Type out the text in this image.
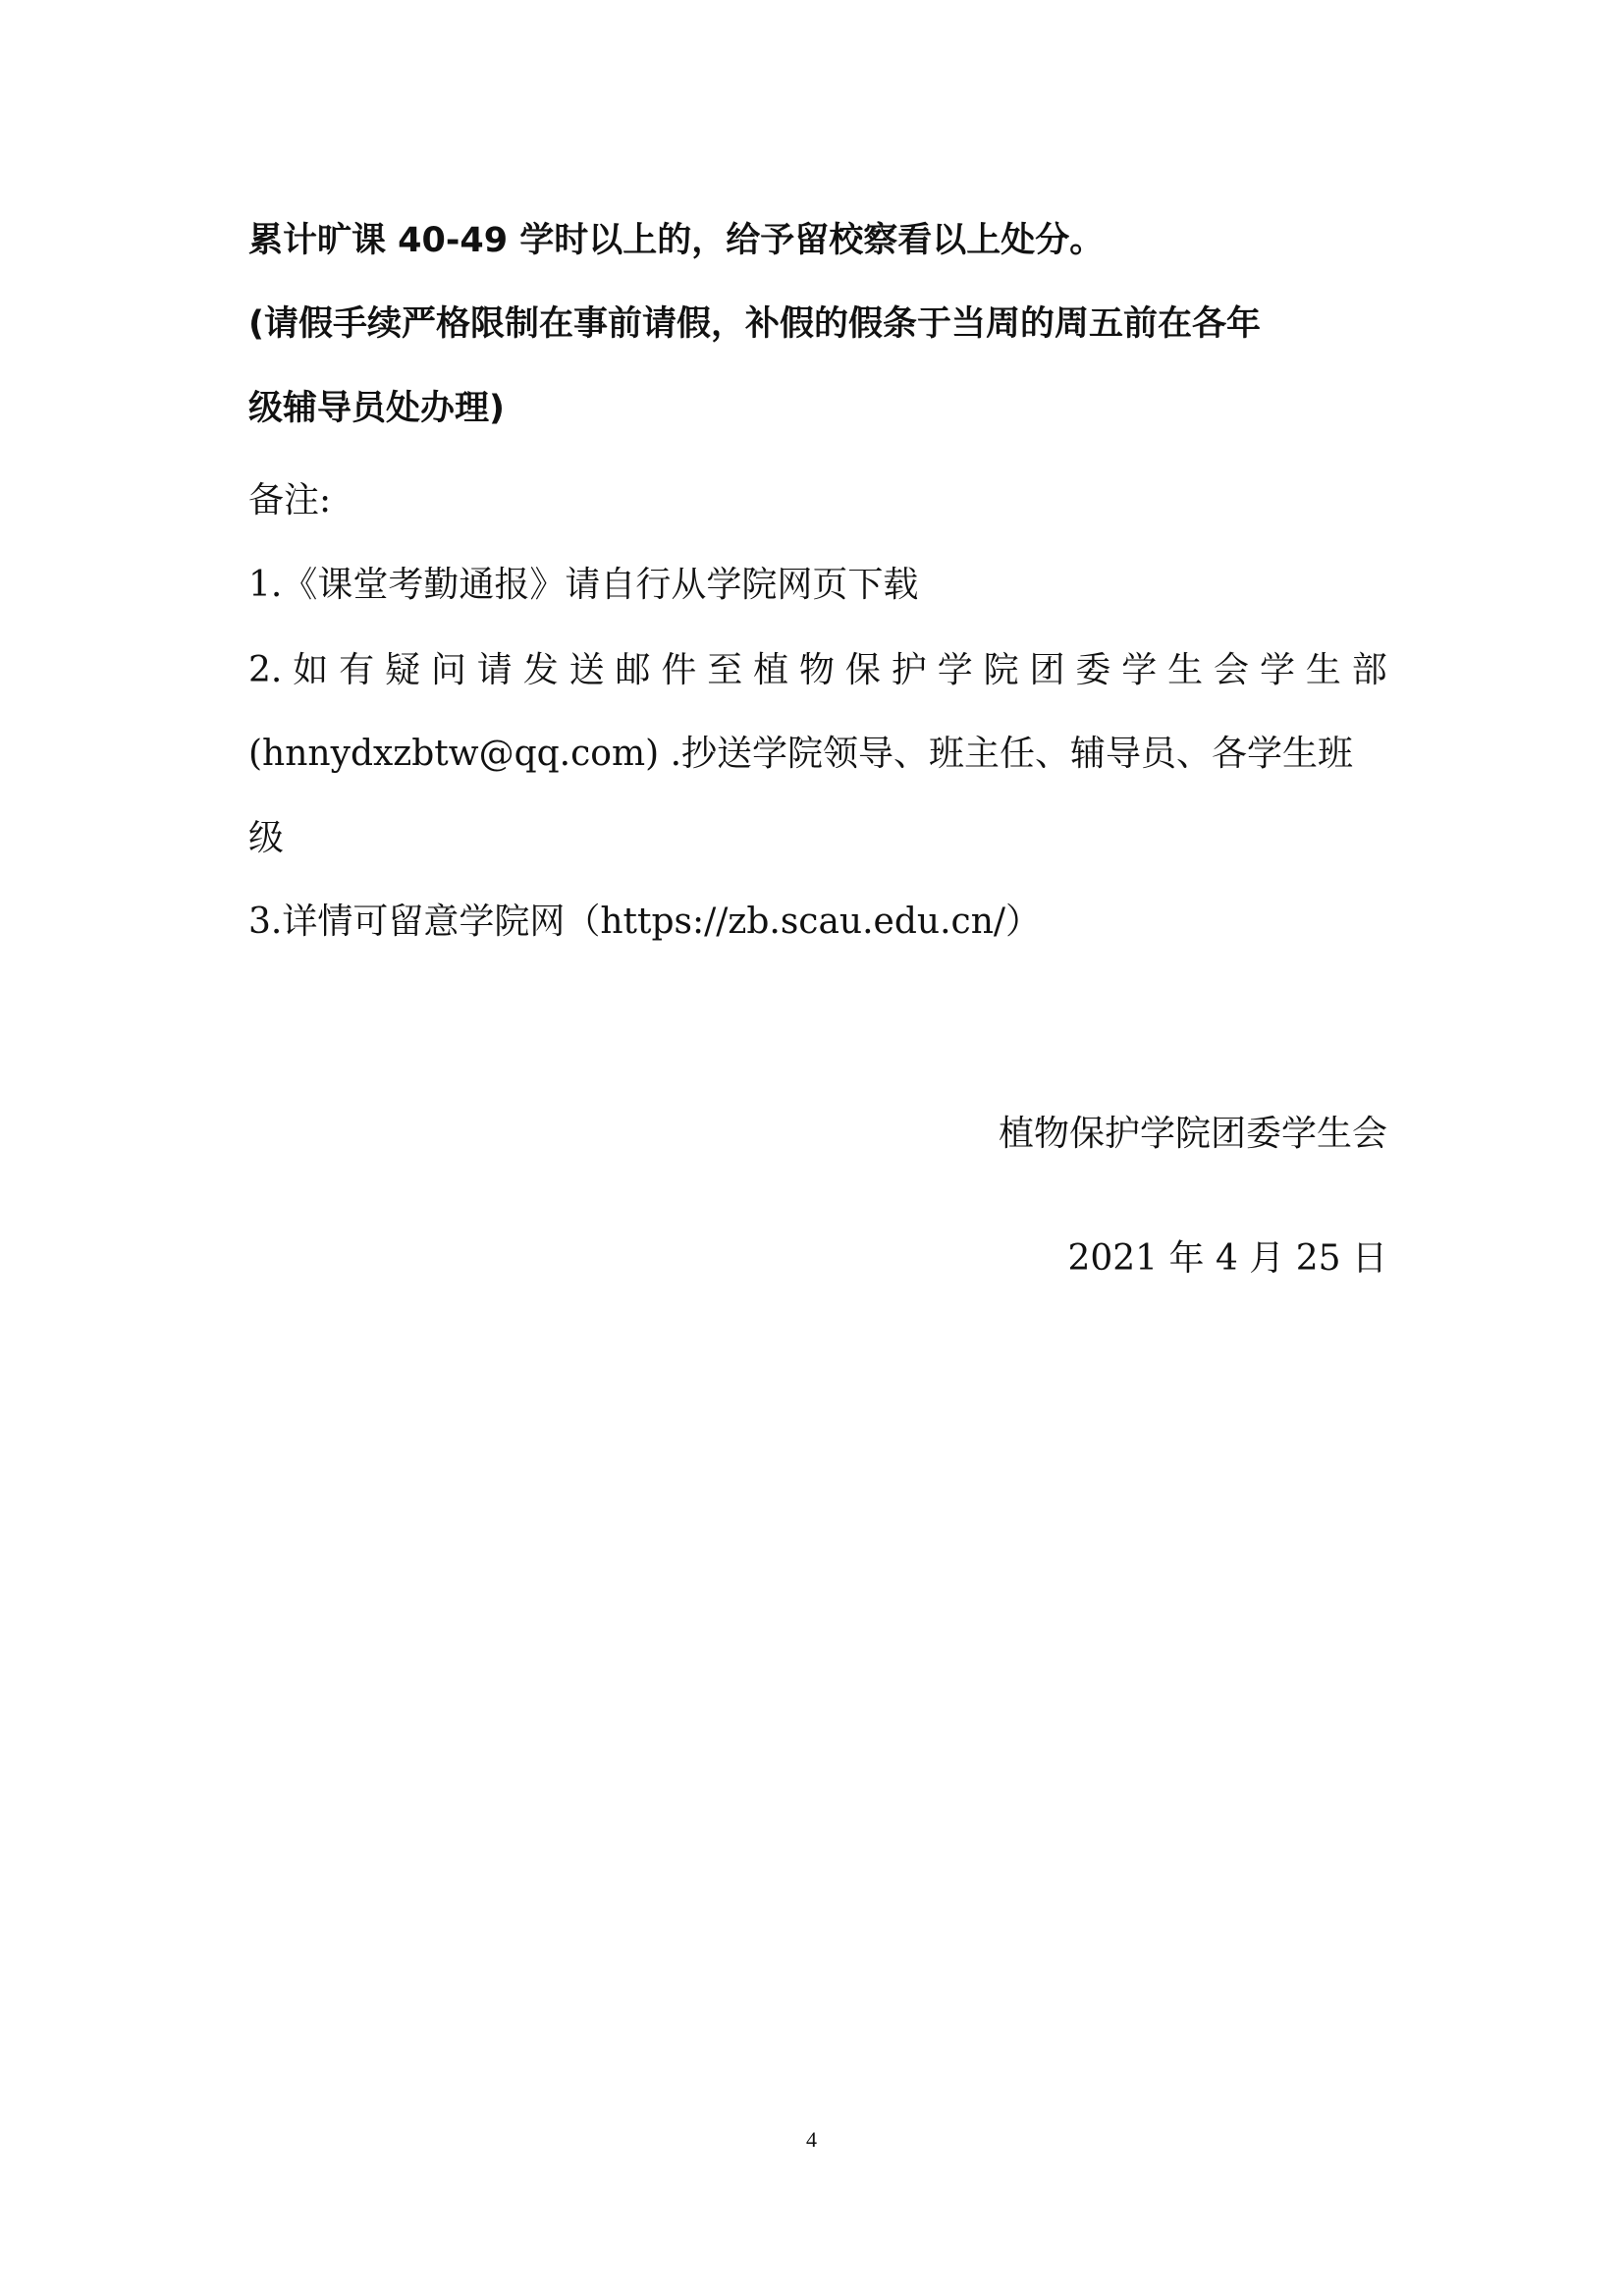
累计旷课 40-49 学时以上的，给予留校察看以上处分。
(请假手续严格限制在事前请假，补假的假条于当周的周五前在各年
级辅导员处办理)
备注:
1.《课堂考勤通报》请自行从学院网页下载
2. 如 有 疑 问 请 发 送 邮 件 至 植 物 保 护 学 院 团 委 学 生 会 学 生 部
(hnnydxzbtw@qq.com) .抄送学院领导、班主任、辅导员、各学生班
级
3.详情可留意学院网（https://zb.scau.edu.cn/）
植物保护学院团委学生会
2021 年 4 月 25 日
4
